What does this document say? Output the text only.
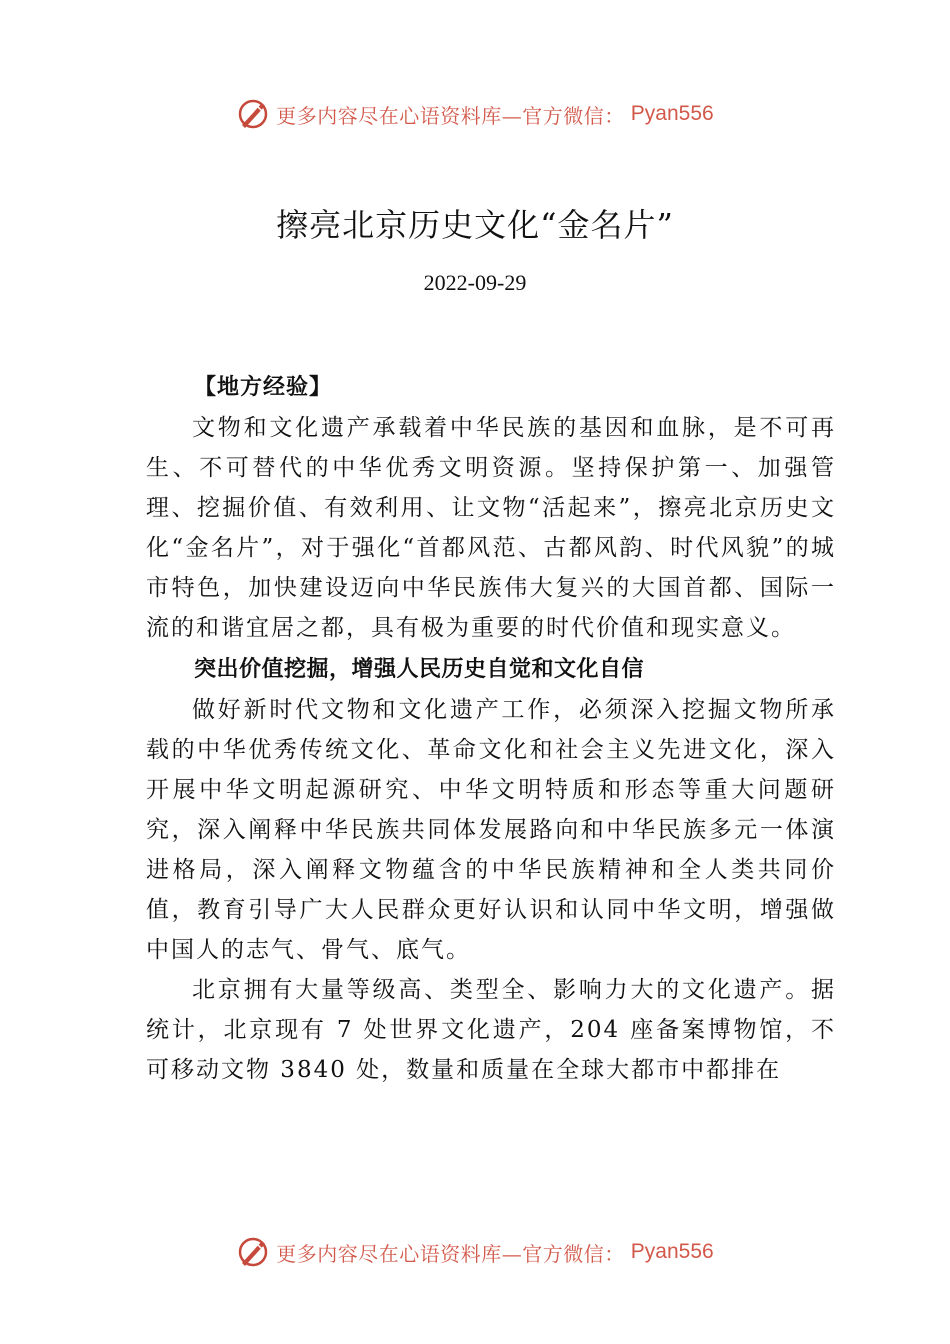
更多内容尽在心语资料库—官方微信： Pyan556
擦亮北京历史文化“金名片”
2022-09-29
【地方经验】

文物和文化遗产承载着中华民族的基因和血脉，是不可再生、不可替代的中华优秀文明资源。坚持保护第一、加强管理、挖掘价值、有效利用、让文物“活起来”，擦亮北京历史文化“金名片”，对于强化“首都风范、古都风韵、时代风貌”的城市特色，加快建设迈向中华民族伟大复兴的大国首都、国际一流的和谐宜居之都，具有极为重要的时代价值和现实意义。

突出价值挖掘，增强人民历史自觉和文化自信

做好新时代文物和文化遗产工作，必须深入挖掘文物所承载的中华优秀传统文化、革命文化和社会主义先进文化，深入开展中华文明起源研究、中华文明特质和形态等重大问题研究，深入阐释中华民族共同体发展路向和中华民族多元一体演进格局，深入阐释文物蕴含的中华民族精神和全人类共同价值，教育引导广大人民群众更好认识和认同中华文明，增强做中国人的志气、骨气、底气。

北京拥有大量等级高、类型全、影响力大的文化遗产。据统计，北京现有 7 处世界文化遗产，204 座备案博物馆，不可移动文物 3840 处，数量和质量在全球大都市中都排在

更多内容尽在心语资料库—官方微信： Pyan556
